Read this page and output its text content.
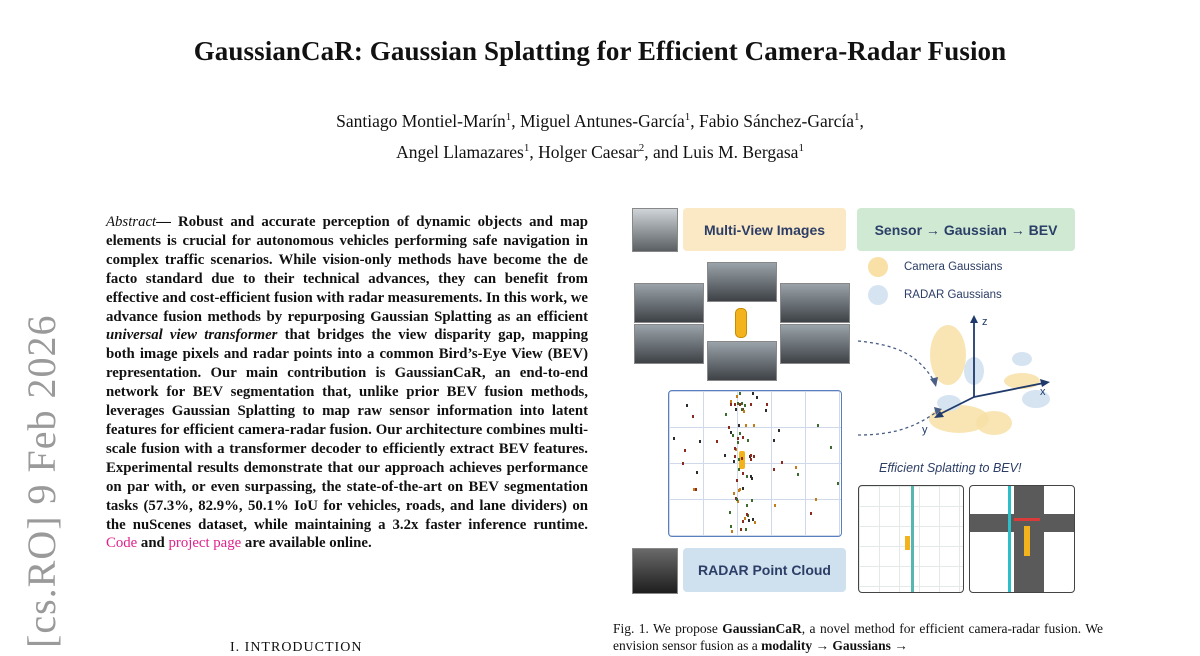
GaussianCaR: Gaussian Splatting for Efficient Camera-Radar Fusion
Santiago Montiel-Marín$^1$, Miguel Antunes-García$^1$, Fabio Sánchez-García$^1$,
Angel Llamazares$^1$, Holger Caesar$^2$, and Luis M. Bergasa$^1$
[cs.RO] 9 Feb 2026
Abstract— Robust and accurate perception of dynamic objects and map elements is crucial for autonomous vehicles performing safe navigation in complex traffic scenarios. While vision-only methods have become the de facto standard due to their technical advances, they can benefit from effective and cost-efficient fusion with radar measurements. In this work, we advance fusion methods by repurposing Gaussian Splatting as an efficient universal view transformer that bridges the view disparity gap, mapping both image pixels and radar points into a common Bird’s-Eye View (BEV) representation. Our main contribution is GaussianCaR, an end-to-end network for BEV segmentation that, unlike prior BEV fusion methods, leverages Gaussian Splatting to map raw sensor information into latent features for efficient camera-radar fusion. Our architecture combines multi-scale fusion with a transformer decoder to efficiently extract BEV features. Experimental results demonstrate that our approach achieves performance on par with, or even surpassing, the state-of-the-art on BEV segmentation tasks (57.3%, 82.9%, 50.1% IoU for vehicles, roads, and lane dividers) on the nuScenes dataset, while maintaining a 3.2x faster inference runtime. Code and project page are available online.
I. INTRODUCTION
Multi-View Images	Sensor → Gaussian → BEV
Camera Gaussians
RADAR Gaussians
z
x
y
Efficient Splatting to BEV!
RADAR Point Cloud
Fig. 1. We propose GaussianCaR, a novel method for efficient camera-radar fusion. We envision sensor fusion as a modality → Gaussians →
